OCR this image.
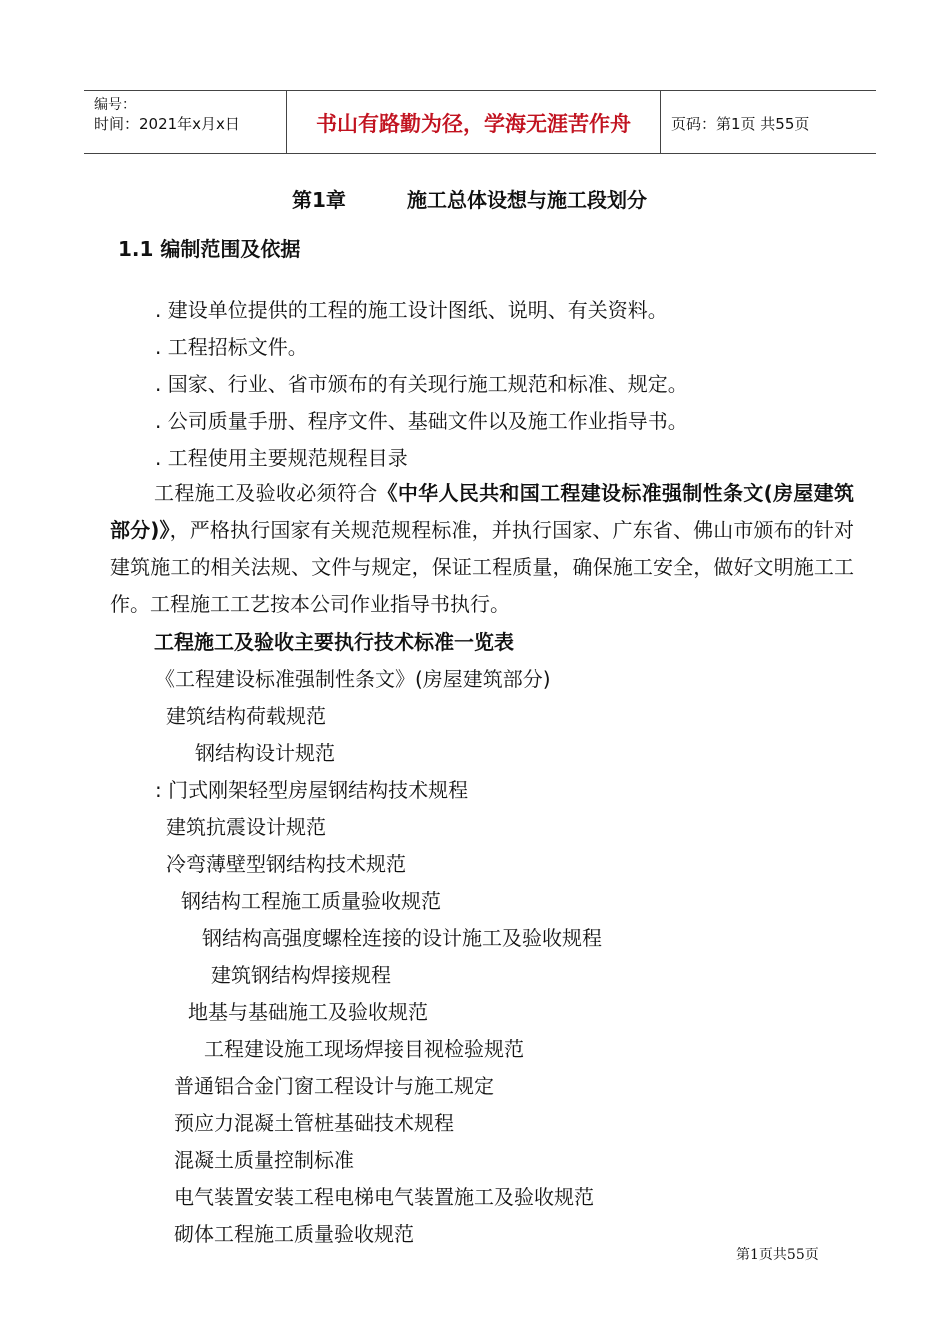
编号：
时间：2021年x月x日	书山有路勤为径，学海无涯苦作舟	页码：第1页 共55页
第1章	施工总体设想与施工段划分
1.1 编制范围及依据
. 建设单位提供的工程的施工设计图纸、说明、有关资料。
. 工程招标文件。
. 国家、行业、省市颁布的有关现行施工规范和标准、规定。
. 公司质量手册、程序文件、基础文件以及施工作业指导书。
. 工程使用主要规范规程目录
工程施工及验收必须符合《中华人民共和国工程建设标准强制性条文(房屋建筑部分)》，严格执行国家有关规范规程标准，并执行国家、广东省、佛山市颁布的针对建筑施工的相关法规、文件与规定，保证工程质量，确保施工安全，做好文明施工工作。工程施工工艺按本公司作业指导书执行。
工程施工及验收主要执行技术标准一览表
《工程建设标准强制性条文》(房屋建筑部分)
建筑结构荷载规范
钢结构设计规范
: 门式刚架轻型房屋钢结构技术规程
建筑抗震设计规范
冷弯薄壁型钢结构技术规范
钢结构工程施工质量验收规范
钢结构高强度螺栓连接的设计施工及验收规程
建筑钢结构焊接规程
地基与基础施工及验收规范
工程建设施工现场焊接目视检验规范
普通铝合金门窗工程设计与施工规定
预应力混凝土管桩基础技术规程
混凝土质量控制标准
电气装置安装工程电梯电气装置施工及验收规范
砌体工程施工质量验收规范
第1页共55页
